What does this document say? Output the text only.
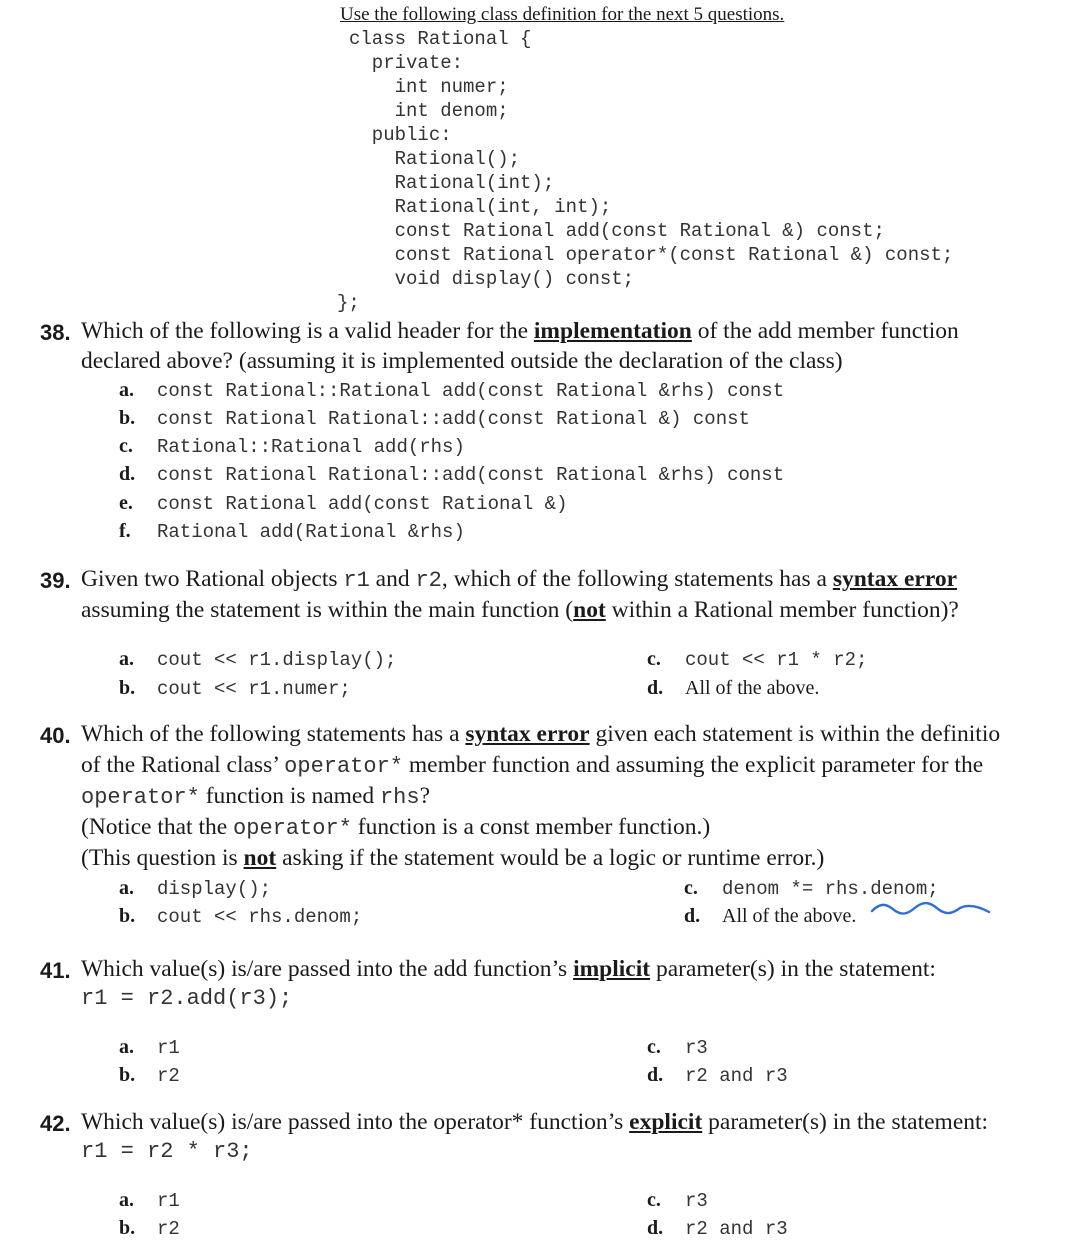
Use the following class definition for the next 5 questions.
class Rational {
private:
int numer;
int denom;
public:
Rational();
Rational(int);
Rational(int, int);
const Rational add(const Rational &) const;
const Rational operator*(const Rational &) const;
void display() const;
};
38. Which of the following is a valid header for the implementation of the add member function
declared above? (assuming it is implemented outside the declaration of the class)
a. const Rational::Rational add(const Rational &rhs) const
b. const Rational Rational::add(const Rational &) const
c. Rational::Rational add(rhs)
d. const Rational Rational::add(const Rational &rhs) const
e. const Rational add(const Rational &)
f. Rational add(Rational &rhs)
39. Given two Rational objects r1 and r2, which of the following statements has a syntax error
assuming the statement is within the main function (not within a Rational member function)?
a. cout << r1.display();
b. cout << r1.numer;
c. cout << r1 * r2;
d. All of the above.
40. Which of the following statements has a syntax error given each statement is within the definitio
of the Rational class’ operator* member function and assuming the explicit parameter for the
operator* function is named rhs?
(Notice that the operator* function is a const member function.)
(This question is not asking if the statement would be a logic or runtime error.)
a. display();
b. cout << rhs.denom;
c. denom *= rhs.denom;
d. All of the above.
41. Which value(s) is/are passed into the add function’s implicit parameter(s) in the statement:
r1 = r2.add(r3);
a. r1
b. r2
c. r3
d. r2 and r3
42. Which value(s) is/are passed into the operator* function’s explicit parameter(s) in the statement:
r1 = r2 * r3;
a. r1
b. r2
c. r3
d. r2 and r3
